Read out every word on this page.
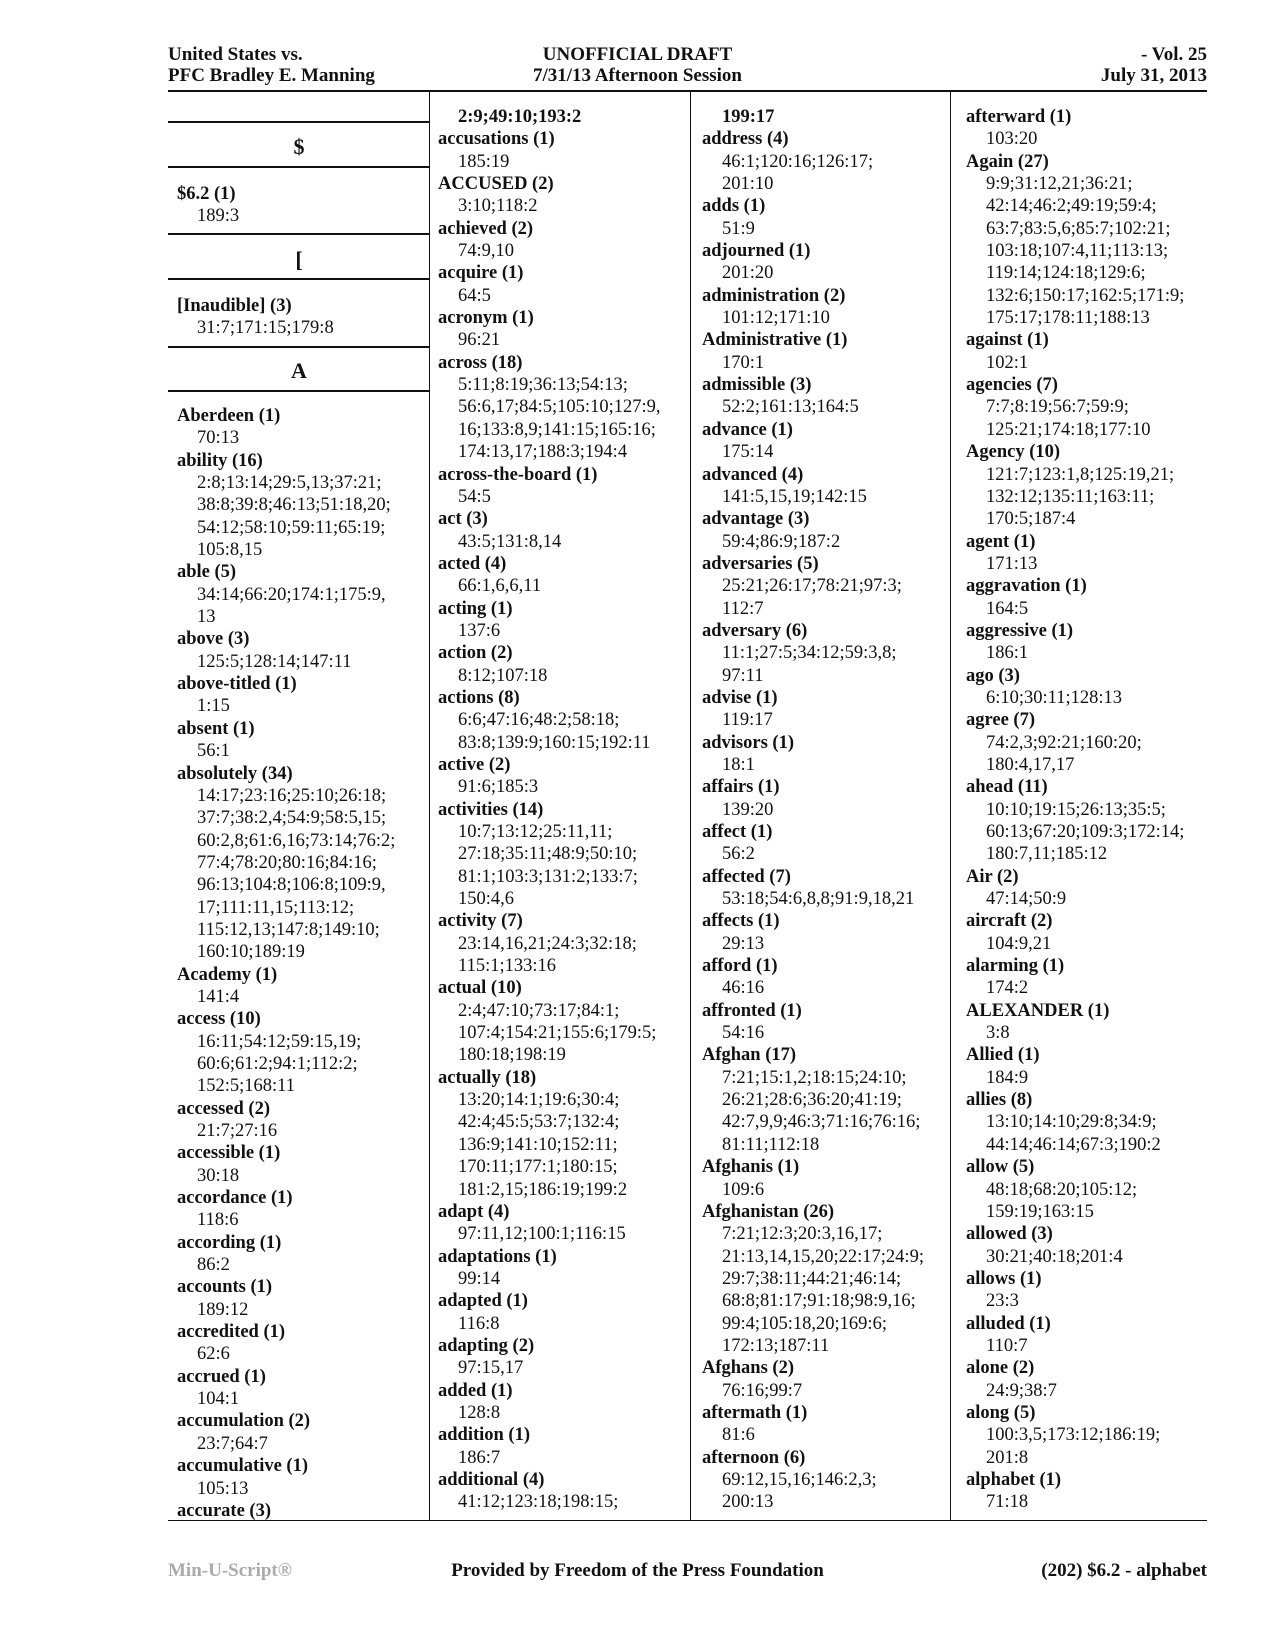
United States vs.
PFC Bradley E. Manning
UNOFFICIAL DRAFT
7/31/13 Afternoon Session
- Vol. 25
July 31, 2013
$
$6.2 (1)
189:3
[
[Inaudible] (3)
31:7;171:15;179:8
A
Aberdeen (1)
70:13
ability (16)
2:8;13:14;29:5,13;37:21;
38:8;39:8;46:13;51:18,20;
54:12;58:10;59:11;65:19;
105:8,15
able (5)
34:14;66:20;174:1;175:9,
13
above (3)
125:5;128:14;147:11
above-titled (1)
1:15
absent (1)
56:1
absolutely (34)
14:17;23:16;25:10;26:18;
37:7;38:2,4;54:9;58:5,15;
60:2,8;61:6,16;73:14;76:2;
77:4;78:20;80:16;84:16;
96:13;104:8;106:8;109:9,
17;111:11,15;113:12;
115:12,13;147:8;149:10;
160:10;189:19
Academy (1)
141:4
access (10)
16:11;54:12;59:15,19;
60:6;61:2;94:1;112:2;
152:5;168:11
accessed (2)
21:7;27:16
accessible (1)
30:18
accordance (1)
118:6
according (1)
86:2
accounts (1)
189:12
accredited (1)
62:6
accrued (1)
104:1
accumulation (2)
23:7;64:7
accumulative (1)
105:13
accurate (3)
2:9;49:10;193:2
accusations (1)
185:19
ACCUSED (2)
3:10;118:2
achieved (2)
74:9,10
acquire (1)
64:5
acronym (1)
96:21
across (18)
5:11;8:19;36:13;54:13;
56:6,17;84:5;105:10;127:9,
16;133:8,9;141:15;165:16;
174:13,17;188:3;194:4
across-the-board (1)
54:5
act (3)
43:5;131:8,14
acted (4)
66:1,6,6,11
acting (1)
137:6
action (2)
8:12;107:18
actions (8)
6:6;47:16;48:2;58:18;
83:8;139:9;160:15;192:11
active (2)
91:6;185:3
activities (14)
10:7;13:12;25:11,11;
27:18;35:11;48:9;50:10;
81:1;103:3;131:2;133:7;
150:4,6
activity (7)
23:14,16,21;24:3;32:18;
115:1;133:16
actual (10)
2:4;47:10;73:17;84:1;
107:4;154:21;155:6;179:5;
180:18;198:19
actually (18)
13:20;14:1;19:6;30:4;
42:4;45:5;53:7;132:4;
136:9;141:10;152:11;
170:11;177:1;180:15;
181:2,15;186:19;199:2
adapt (4)
97:11,12;100:1;116:15
adaptations (1)
99:14
adapted (1)
116:8
adapting (2)
97:15,17
added (1)
128:8
addition (1)
186:7
additional (4)
41:12;123:18;198:15;
199:17
address (4)
46:1;120:16;126:17;
201:10
adds (1)
51:9
adjourned (1)
201:20
administration (2)
101:12;171:10
Administrative (1)
170:1
admissible (3)
52:2;161:13;164:5
advance (1)
175:14
advanced (4)
141:5,15,19;142:15
advantage (3)
59:4;86:9;187:2
adversaries (5)
25:21;26:17;78:21;97:3;
112:7
adversary (6)
11:1;27:5;34:12;59:3,8;
97:11
advise (1)
119:17
advisors (1)
18:1
affairs (1)
139:20
affect (1)
56:2
affected (7)
53:18;54:6,8,8;91:9,18,21
affects (1)
29:13
afford (1)
46:16
affronted (1)
54:16
Afghan (17)
7:21;15:1,2;18:15;24:10;
26:21;28:6;36:20;41:19;
42:7,9,9;46:3;71:16;76:16;
81:11;112:18
Afghanis (1)
109:6
Afghanistan (26)
7:21;12:3;20:3,16,17;
21:13,14,15,20;22:17;24:9;
29:7;38:11;44:21;46:14;
68:8;81:17;91:18;98:9,16;
99:4;105:18,20;169:6;
172:13;187:11
Afghans (2)
76:16;99:7
aftermath (1)
81:6
afternoon (6)
69:12,15,16;146:2,3;
200:13
afterward (1)
103:20
Again (27)
9:9;31:12,21;36:21;
42:14;46:2;49:19;59:4;
63:7;83:5,6;85:7;102:21;
103:18;107:4,11;113:13;
119:14;124:18;129:6;
132:6;150:17;162:5;171:9;
175:17;178:11;188:13
against (1)
102:1
agencies (7)
7:7;8:19;56:7;59:9;
125:21;174:18;177:10
Agency (10)
121:7;123:1,8;125:19,21;
132:12;135:11;163:11;
170:5;187:4
agent (1)
171:13
aggravation (1)
164:5
aggressive (1)
186:1
ago (3)
6:10;30:11;128:13
agree (7)
74:2,3;92:21;160:20;
180:4,17,17
ahead (11)
10:10;19:15;26:13;35:5;
60:13;67:20;109:3;172:14;
180:7,11;185:12
Air (2)
47:14;50:9
aircraft (2)
104:9,21
alarming (1)
174:2
ALEXANDER (1)
3:8
Allied (1)
184:9
allies (8)
13:10;14:10;29:8;34:9;
44:14;46:14;67:3;190:2
allow (5)
48:18;68:20;105:12;
159:19;163:15
allowed (3)
30:21;40:18;201:4
allows (1)
23:3
alluded (1)
110:7
alone (2)
24:9;38:7
along (5)
100:3,5;173:12;186:19;
201:8
alphabet (1)
71:18
Min-U-Script®	Provided by Freedom of the Press Foundation	(202) $6.2 - alphabet
